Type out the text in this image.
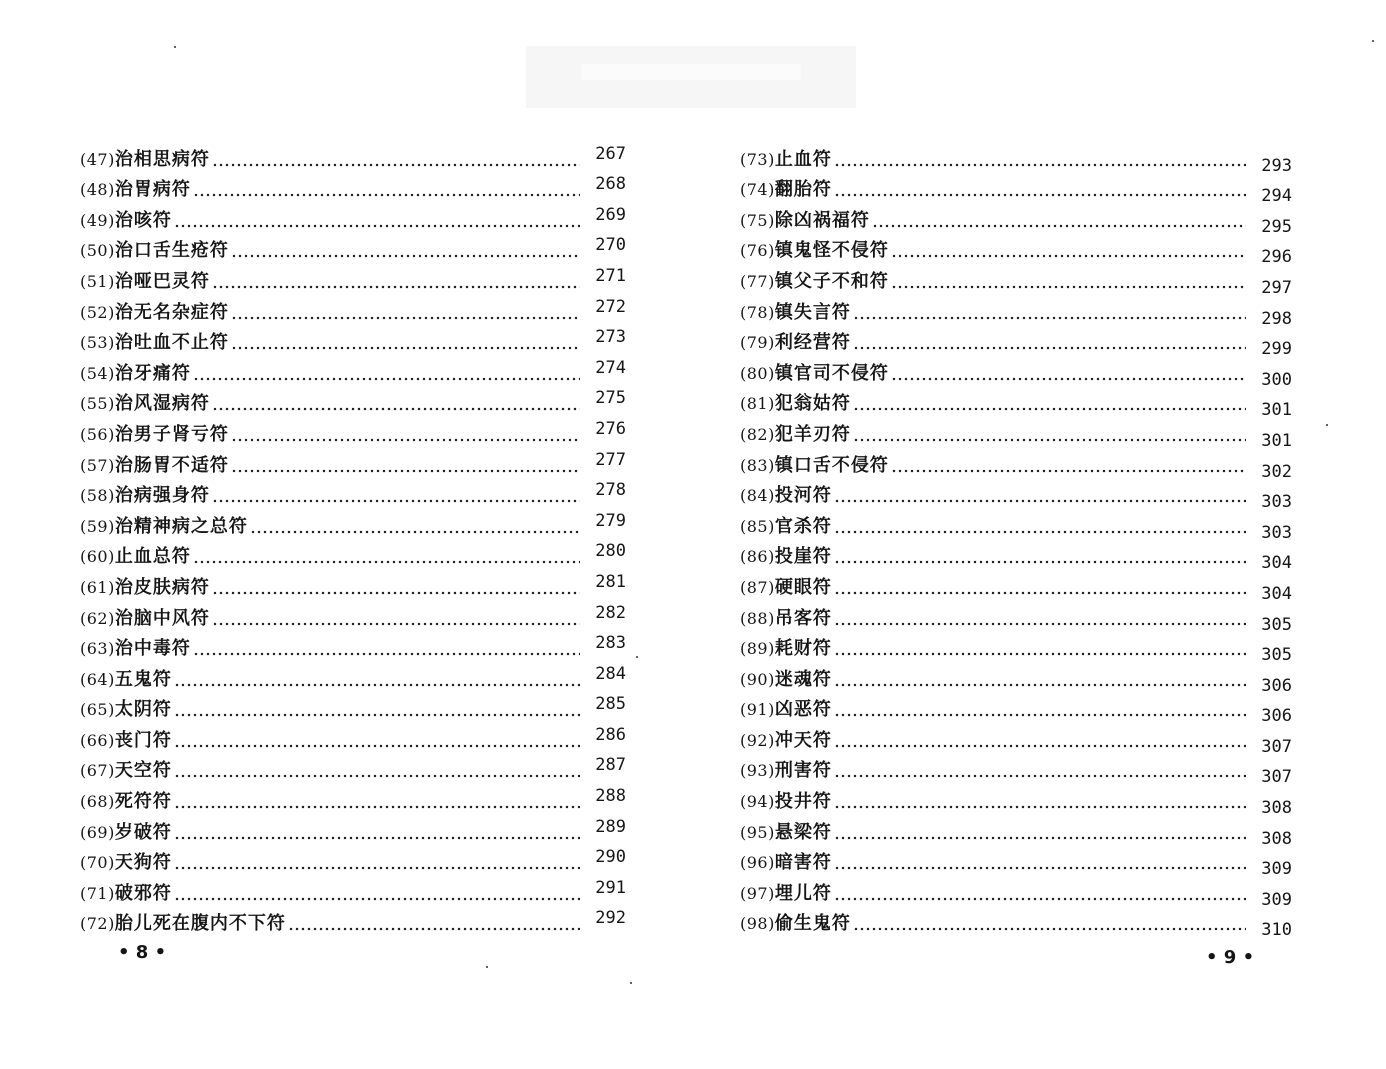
(47) 治相思病符	267
(48) 治胃病符	268
(49) 治咳符	269
(50) 治口舌生疮符	270
(51) 治哑巴灵符	271
(52) 治无名杂症符	272
(53) 治吐血不止符	273
(54) 治牙痛符	274
(55) 治风湿病符	275
(56) 治男子肾亏符	276
(57) 治肠胃不适符	277
(58) 治病强身符	278
(59) 治精神病之总符	279
(60) 止血总符	280
(61) 治皮肤病符	281
(62) 治脑中风符	282
(63) 治中毒符	283
(64) 五鬼符	284
(65) 太阴符	285
(66) 丧门符	286
(67) 天空符	287
(68) 死符符	288
(69) 岁破符	289
(70) 天狗符	290
(71) 破邪符	291
(72) 胎儿死在腹内不下符	292
(73) 止血符	293
(74) 翻胎符	294
(75) 除凶祸福符	295
(76) 镇鬼怪不侵符	296
(77) 镇父子不和符	297
(78) 镇失言符	298
(79) 利经营符	299
(80) 镇官司不侵符	300
(81) 犯翁姑符	301
(82) 犯羊刃符	301
(83) 镇口舌不侵符	302
(84) 投河符	303
(85) 官杀符	303
(86) 投崖符	304
(87) 硬眼符	304
(88) 吊客符	305
(89) 耗财符	305
(90) 迷魂符	306
(91) 凶恶符	306
(92) 冲天符	307
(93) 刑害符	307
(94) 投井符	308
(95) 悬梁符	308
(96) 暗害符	309
(97) 埋儿符	309
(98) 偷生鬼符	310
• 8 •	• 9 •
